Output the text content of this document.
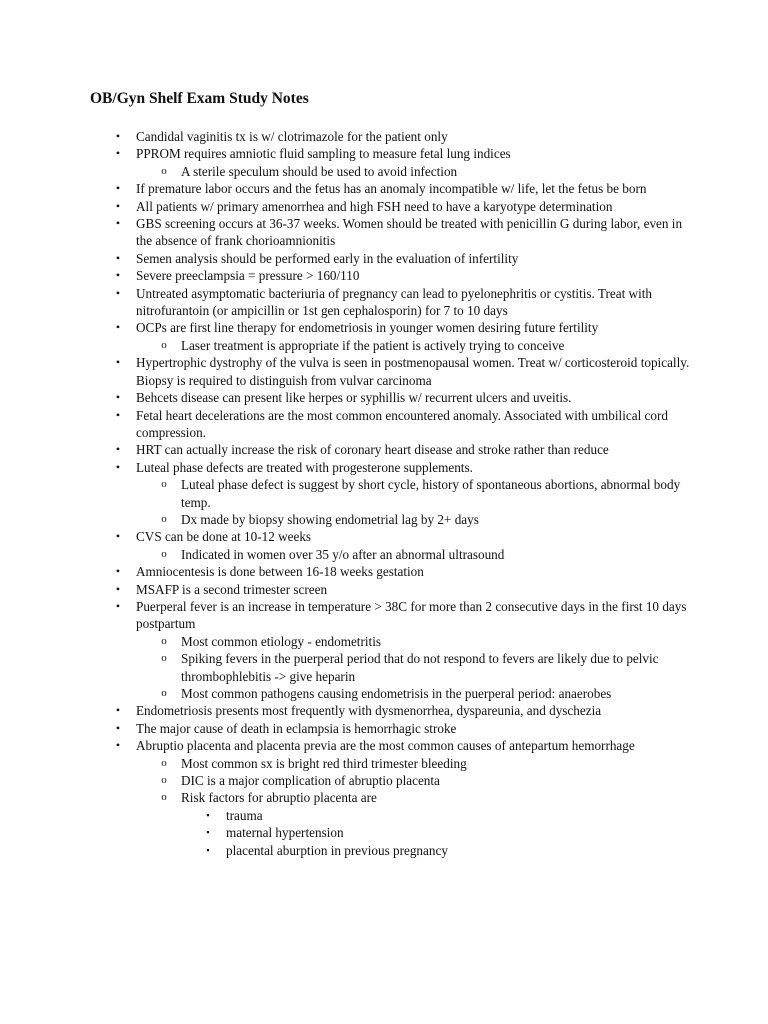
OB/Gyn Shelf Exam Study Notes
• Candidal vaginitis tx is w/ clotrimazole for the patient only
• PPROM requires amniotic fluid sampling to measure fetal lung indices
o A sterile speculum should be used to avoid infection
• If premature labor occurs and the fetus has an anomaly incompatible w/ life, let the fetus be born
• All patients w/ primary amenorrhea and high FSH need to have a karyotype determination
• GBS screening occurs at 36-37 weeks. Women should be treated with penicillin G during labor, even in the absence of frank chorioamnionitis
• Semen analysis should be performed early in the evaluation of infertility
• Severe preeclampsia = pressure > 160/110
• Untreated asymptomatic bacteriuria of pregnancy can lead to pyelonephritis or cystitis. Treat with nitrofurantoin (or ampicillin or 1st gen cephalosporin) for 7 to 10 days
• OCPs are first line therapy for endometriosis in younger women desiring future fertility
o Laser treatment is appropriate if the patient is actively trying to conceive
• Hypertrophic dystrophy of the vulva is seen in postmenopausal women. Treat w/ corticosteroid topically. Biopsy is required to distinguish from vulvar carcinoma
• Behcets disease can present like herpes or syphillis w/ recurrent ulcers and uveitis.
• Fetal heart decelerations are the most common encountered anomaly. Associated with umbilical cord compression.
• HRT can actually increase the risk of coronary heart disease and stroke rather than reduce
• Luteal phase defects are treated with progesterone supplements.
o Luteal phase defect is suggest by short cycle, history of spontaneous abortions, abnormal body temp.
o Dx made by biopsy showing endometrial lag by 2+ days
• CVS can be done at 10-12 weeks
o Indicated in women over 35 y/o after an abnormal ultrasound
• Amniocentesis is done between 16-18 weeks gestation
• MSAFP is a second trimester screen
• Puerperal fever is an increase in temperature > 38C for more than 2 consecutive days in the first 10 days postpartum
o Most common etiology - endometritis
o Spiking fevers in the puerperal period that do not respond to fevers are likely due to pelvic thrombophlebitis -> give heparin
o Most common pathogens causing endometrisis in the puerperal period: anaerobes
• Endometriosis presents most frequently with dysmenorrhea, dyspareunia, and dyschezia
• The major cause of death in eclampsia is hemorrhagic stroke
• Abruptio placenta and placenta previa are the most common causes of antepartum hemorrhage
o Most common sx is bright red third trimester bleeding
o DIC is a major complication of abruptio placenta
o Risk factors for abruptio placenta are
▪	trauma
▪	maternal hypertension
▪	placental aburption in previous pregnancy
